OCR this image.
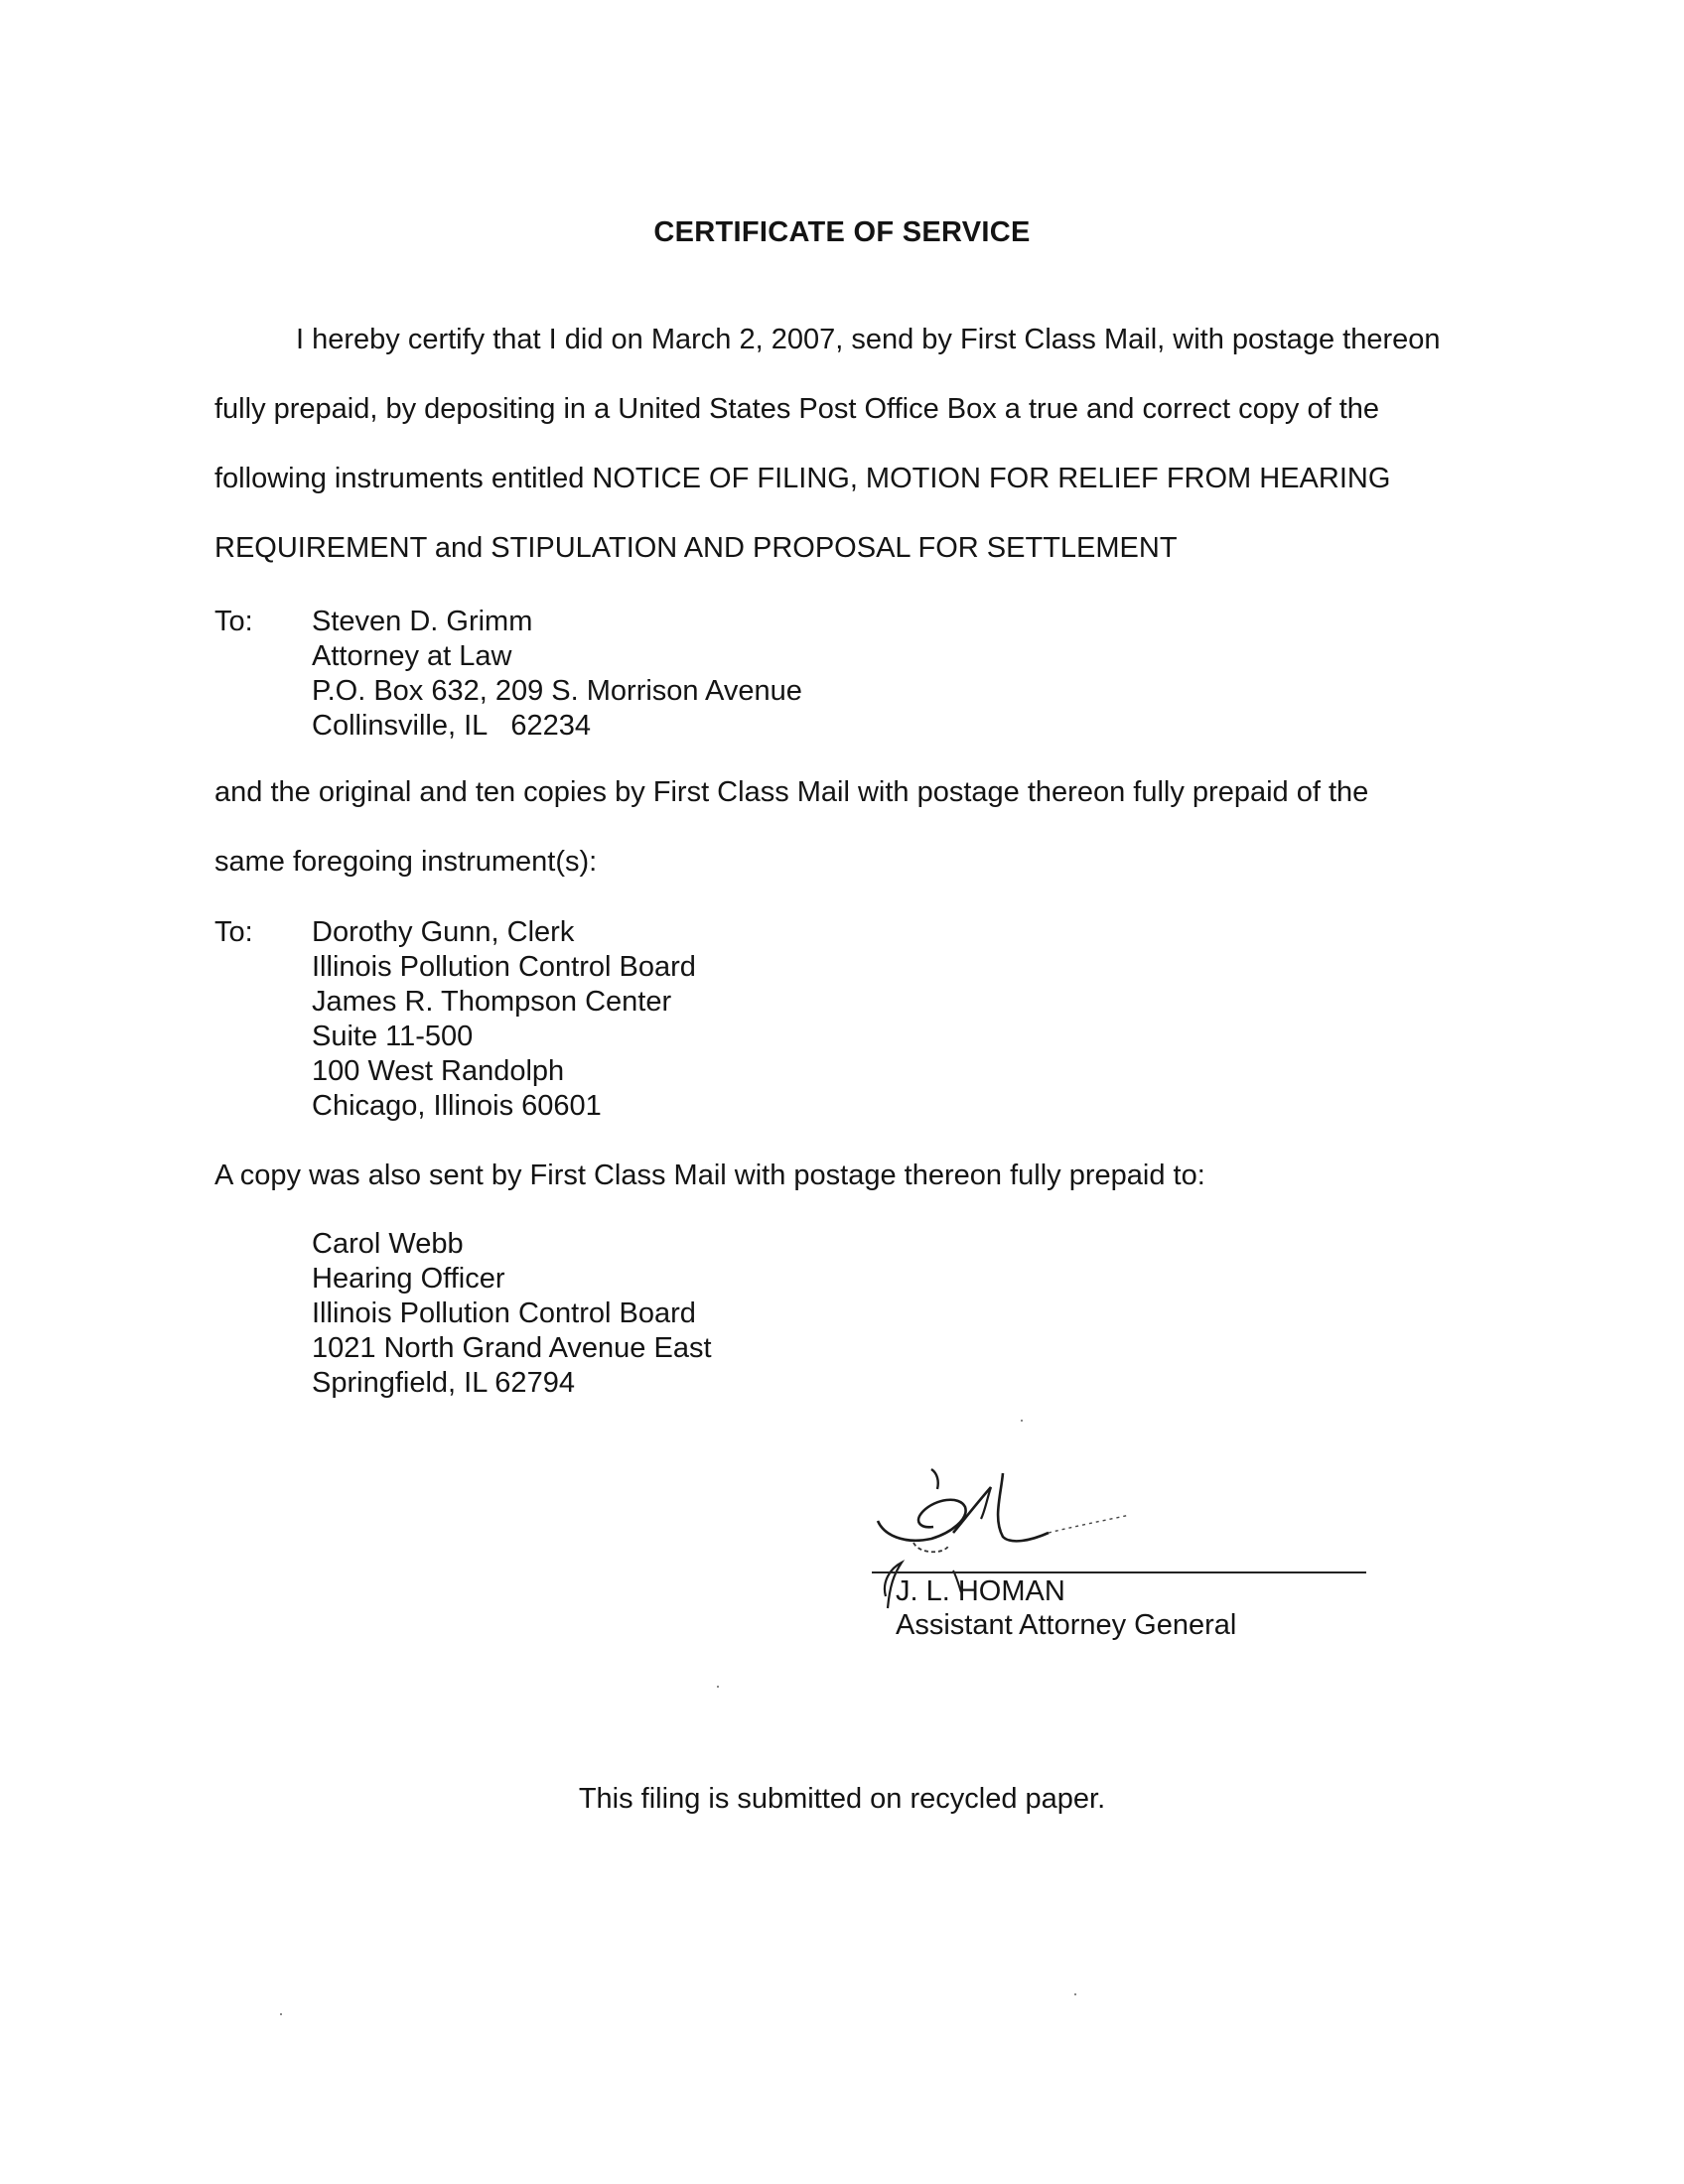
CERTIFICATE OF SERVICE
I hereby certify that I did on March 2, 2007, send by First Class Mail, with postage thereon
fully prepaid, by depositing in a United States Post Office Box a true and correct copy of the
following instruments entitled NOTICE OF FILING, MOTION FOR RELIEF FROM HEARING
REQUIREMENT and STIPULATION AND PROPOSAL FOR SETTLEMENT
To: Steven D. Grimm
Attorney at Law
P.O. Box 632, 209 S. Morrison Avenue
Collinsville, IL   62234
and the original and ten copies by First Class Mail with postage thereon fully prepaid of the
same foregoing instrument(s):
To: Dorothy Gunn, Clerk
Illinois Pollution Control Board
James R. Thompson Center
Suite 11-500
100 West Randolph
Chicago, Illinois 60601
A copy was also sent by First Class Mail with postage thereon fully prepaid to:
Carol Webb
Hearing Officer
Illinois Pollution Control Board
1021 North Grand Avenue East
Springfield, IL 62794
J. L. HOMAN
Assistant Attorney General
This filing is submitted on recycled paper.
